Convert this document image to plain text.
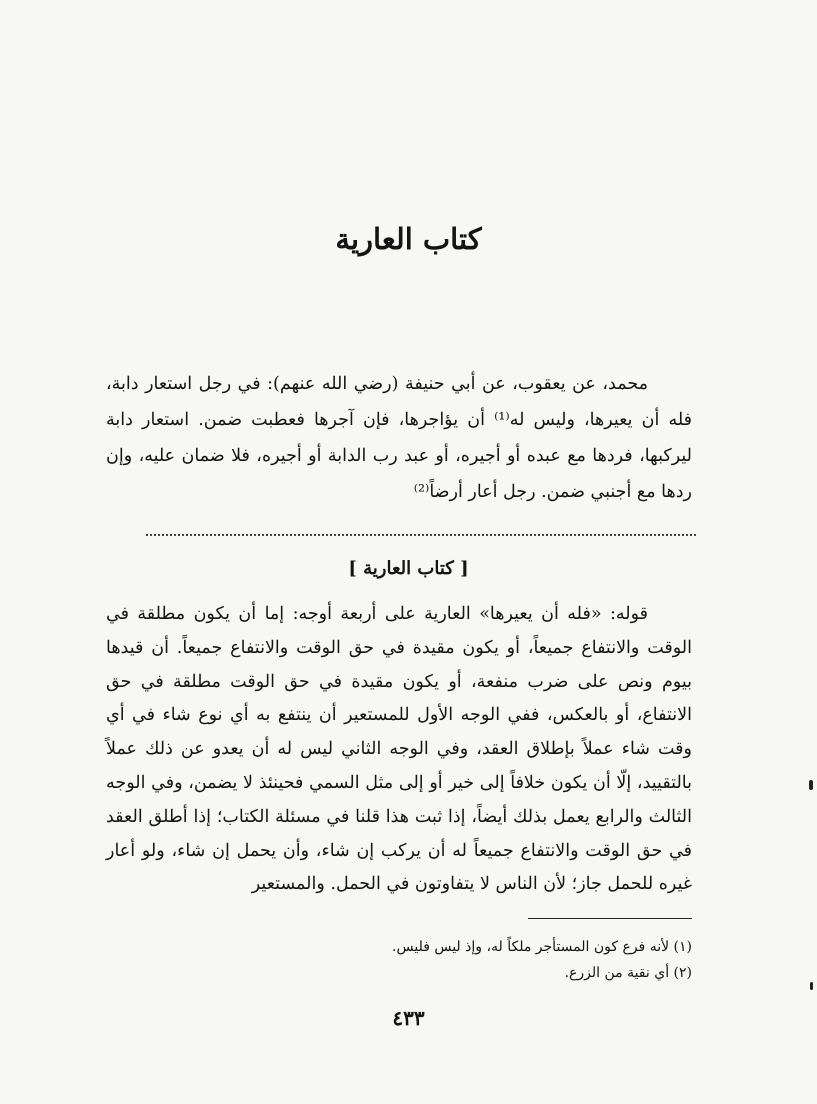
كتاب العارية

محمد، عن يعقوب، عن أبي حنيفة (رضي الله عنهم): في رجل استعار دابة، فله أن يعيرها، وليس له⁽¹⁾ أن يؤاجرها، فإن آجرها فعطبت ضمن. استعار دابة ليركبها، فردها مع عبده أو أجيره، أو عبد رب الدابة أو أجيره، فلا ضمان عليه، وإن ردها مع أجنبي ضمن. رجل أعار أرضاً⁽²⁾

[ كتاب العارية ]

قوله: «فله أن يعيرها» العارية على أربعة أوجه: إما أن يكون مطلقة في الوقت والانتفاع جميعاً، أو يكون مقيدة في حق الوقت والانتفاع جميعاً. أن قيدها بيوم ونص على ضرب منفعة، أو يكون مقيدة في حق الوقت مطلقة في حق الانتفاع، أو بالعكس، ففي الوجه الأول للمستعير أن ينتفع به أي نوع شاء في أي وقت شاء عملاً بإطلاق العقد، وفي الوجه الثاني ليس له أن يعدو عن ذلك عملاً بالتقييد، إلّا أن يكون خلافاً إلى خير أو إلى مثل السمي فحينئذ لا يضمن، وفي الوجه الثالث والرابع يعمل بذلك أيضاً، إذا ثبت هذا قلنا في مسئلة الكتاب؛ إذا أطلق العقد في حق الوقت والانتفاع جميعاً له أن يركب إن شاء، وأن يحمل إن شاء، ولو أعار غيره للحمل جاز؛ لأن الناس لا يتفاوتون في الحمل. والمستعير

(١) لأنه فرع كون المستأجر ملكاً له، وإذ ليس فليس.
(٢) أي نقية من الزرع.
٤٣٣
